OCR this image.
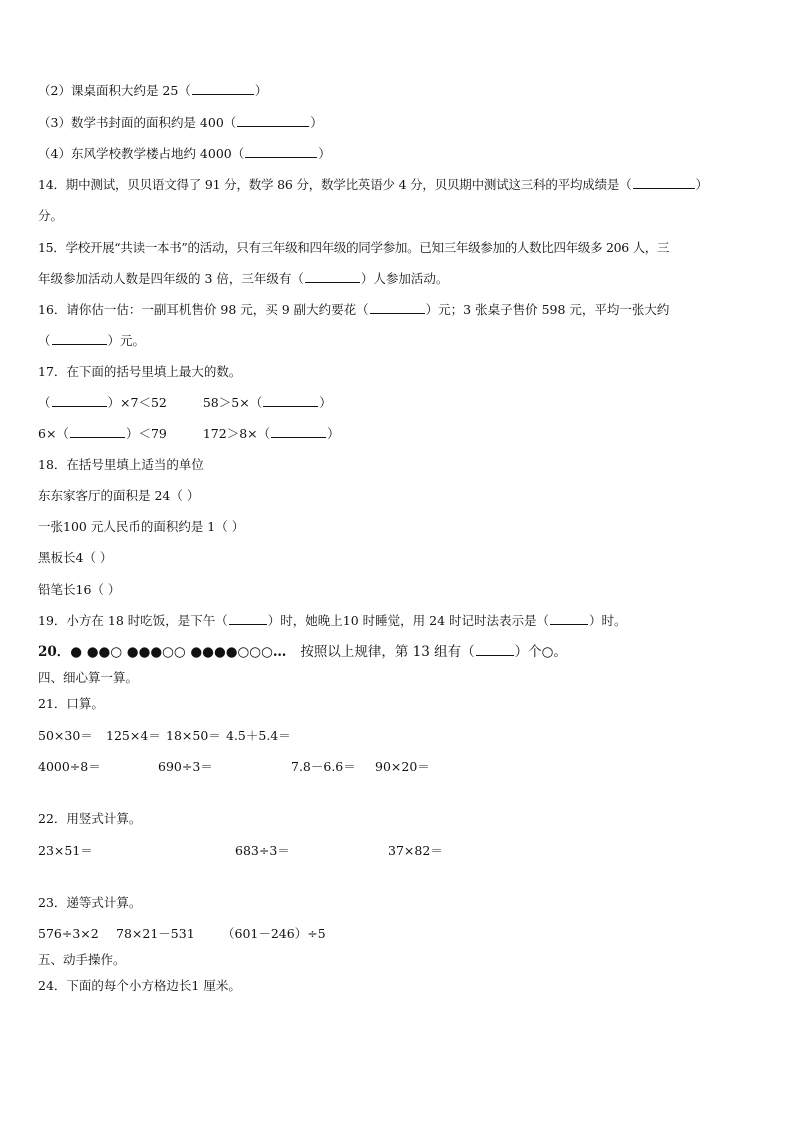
（2）课桌面积大约是 25（	）
（3）数学书封面的面积约是 400（	）
（4）东风学校教学楼占地约 4000（	）
14．期中测试，贝贝语文得了 91 分，数学 86 分，数学比英语少 4 分，贝贝期中测试这三科的平均成绩是（	）
分。
15．学校开展“共读一本书”的活动，只有三年级和四年级的同学参加。已知三年级参加的人数比四年级多 206 人，三
年级参加活动人数是四年级的 3 倍，三年级有（	）人参加活动。
16．请你估一估：一副耳机售价 98 元，买 9 副大约要花（	）元；3 张桌子售价 598 元，平均一张大约
（	）元。
17．在下面的括号里填上最大的数。
（	）×7＜52	58＞5×（	）
6×（	）＜79	172＞8×（	）
18．在括号里填上适当的单位
东东家客厅的面积是 24（ ）
一张100 元人民币的面积约是 1（ ）
黑板长4（ ）
铅笔长16（ ）
19．小方在 18 时吃饭，是下午（	）时，她晚上10 时睡觉，用 24 时记时法表示是（	）时。
20．● ●●○ ●●●○○ ●●●●○○○… 按照以上规律，第 13 组有（	）个○。
四、细心算一算。
21．口算。
50×30＝ 125×4＝ 18×50＝ 4.5＋5.4＝
4000÷8＝	690÷3＝	7.8－6.6＝ 90×20＝
22．用竖式计算。
23×51＝	683÷3＝	37×82＝
23．递等式计算。
576÷3×2 78×21－531 （601－246）÷5
五、动手操作。
24．下面的每个小方格边长1 厘米。
